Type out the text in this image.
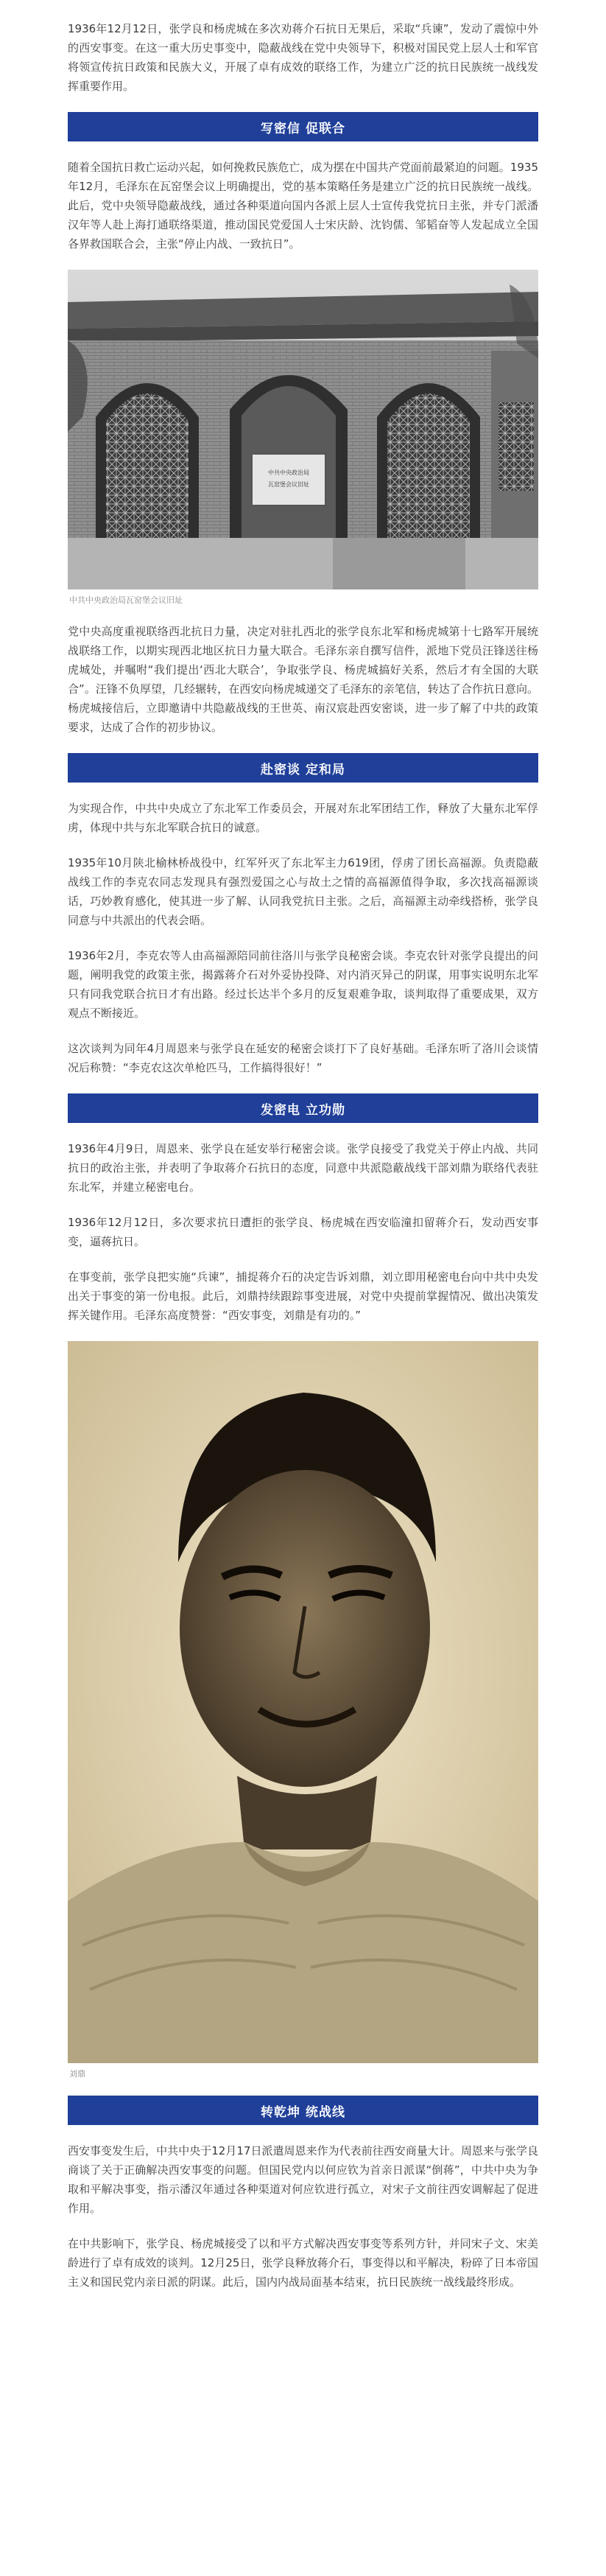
1936年12月12日，张学良和杨虎城在多次劝蒋介石抗日无果后，采取“兵谏”，发动了震惊中外的西安事变。在这一重大历史事变中，隐蔽战线在党中央领导下，积极对国民党上层人士和军官将领宣传抗日政策和民族大义，开展了卓有成效的联络工作，为建立广泛的抗日民族统一战线发挥重要作用。

写密信 促联合

随着全国抗日救亡运动兴起，如何挽救民族危亡，成为摆在中国共产党面前最紧迫的问题。1935年12月，毛泽东在瓦窑堡会议上明确提出，党的基本策略任务是建立广泛的抗日民族统一战线。此后，党中央领导隐蔽战线，通过各种渠道向国内各派上层人士宣传我党抗日主张，并专门派潘汉年等人赴上海打通联络渠道，推动国民党爱国人士宋庆龄、沈钧儒、邹韬奋等人发起成立全国各界救国联合会，主张“停止内战、一致抗日”。

中共中央政治局
瓦窑堡会议旧址

中共中央政治局瓦窑堡会议旧址

党中央高度重视联络西北抗日力量，决定对驻扎西北的张学良东北军和杨虎城第十七路军开展统战联络工作，以期实现西北地区抗日力量大联合。毛泽东亲自撰写信件，派地下党员汪锋送往杨虎城处，并嘱咐“我们提出‘西北大联合’，争取张学良、杨虎城搞好关系，然后才有全国的大联合”。汪锋不负厚望，几经辗转，在西安向杨虎城递交了毛泽东的亲笔信，转达了合作抗日意向。杨虎城接信后，立即邀请中共隐蔽战线的王世英、南汉宸赴西安密谈，进一步了解了中共的政策要求，达成了合作的初步协议。

赴密谈 定和局

为实现合作，中共中央成立了东北军工作委员会，开展对东北军团结工作，释放了大量东北军俘虏，体现中共与东北军联合抗日的诚意。

1935年10月陕北榆林桥战役中，红军歼灭了东北军主力619团，俘虏了团长高福源。负责隐蔽战线工作的李克农同志发现具有强烈爱国之心与故土之情的高福源值得争取，多次找高福源谈话，巧妙教育感化，使其进一步了解、认同我党抗日主张。之后，高福源主动牵线搭桥，张学良同意与中共派出的代表会晤。

1936年2月，李克农等人由高福源陪同前往洛川与张学良秘密会谈。李克农针对张学良提出的问题，阐明我党的政策主张，揭露蒋介石对外妥协投降、对内消灭异己的阴谋，用事实说明东北军只有同我党联合抗日才有出路。经过长达半个多月的反复艰难争取，谈判取得了重要成果，双方观点不断接近。

这次谈判为同年4月周恩来与张学良在延安的秘密会谈打下了良好基础。毛泽东听了洛川会谈情况后称赞：“李克农这次单枪匹马，工作搞得很好！”

发密电 立功勋

1936年4月9日，周恩来、张学良在延安举行秘密会谈。张学良接受了我党关于停止内战、共同抗日的政治主张，并表明了争取蒋介石抗日的态度，同意中共派隐蔽战线干部刘鼎为联络代表驻东北军，并建立秘密电台。

1936年12月12日，多次要求抗日遭拒的张学良、杨虎城在西安临潼扣留蒋介石，发动西安事变，逼蒋抗日。

在事变前，张学良把实施“兵谏”，捕捉蒋介石的决定告诉刘鼎，刘立即用秘密电台向中共中央发出关于事变的第一份电报。此后，刘鼎持续跟踪事变进展，对党中央提前掌握情况、做出决策发挥关键作用。毛泽东高度赞誉：“西安事变，刘鼎是有功的。”

刘鼎

转乾坤 统战线

西安事变发生后，中共中央于12月17日派遣周恩来作为代表前往西安商量大计。周恩来与张学良商谈了关于正确解决西安事变的问题。但国民党内以何应钦为首亲日派谋“倒蒋”，中共中央为争取和平解决事变，指示潘汉年通过各种渠道对何应钦进行孤立，对宋子文前往西安调解起了促进作用。

在中共影响下，张学良、杨虎城接受了以和平方式解决西安事变等系列方针，并同宋子文、宋美龄进行了卓有成效的谈判。12月25日，张学良释放蒋介石，事变得以和平解决，粉碎了日本帝国主义和国民党内亲日派的阴谋。此后，国内内战局面基本结束，抗日民族统一战线最终形成。
